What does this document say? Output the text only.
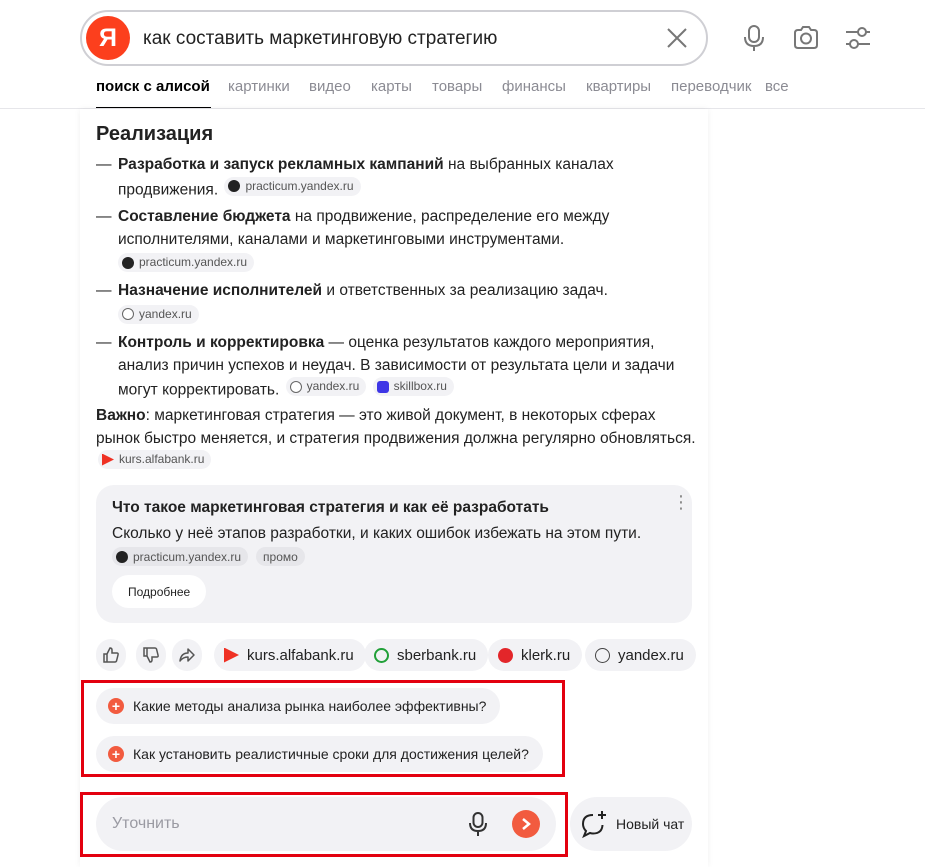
Я	как составить маркетинговую стратегию
поиск с алисой картинки видео карты товары финансы квартиры переводчик все
Реализация
— Разработка и запуск рекламных кампаний на выбранных каналах продвижения. practicum.yandex.ru
— Составление бюджета на продвижение, распределение его между исполнителями, каналами и маркетинговыми инструментами.
practicum.yandex.ru
— Назначение исполнителей и ответственных за реализацию задач.
yandex.ru
— Контроль и корректировка — оценка результатов каждого мероприятия, анализ причин успехов и неудач. В зависимости от результата цели и задачи могут корректировать. yandex.ru
	skillbox.ru
Важно: маркетинговая стратегия — это живой документ, в некоторых сферах рынок быстро меняется, и стратегия продвижения должна регулярно обновляться.
kurs.alfabank.ru
Что такое маркетинговая стратегия и как её разработать	⋮
Сколько у неё этапов разработки, и каких ошибок избежать на этом пути.
practicum.yandex.ru	промо
Подробнее
kurs.alfabank.ru	sberbank.ru	klerk.ru	yandex.ru
+ Какие методы анализа рынка наиболее эффективны?
+ Как установить реалистичные сроки для достижения целей?
Уточнить
Новый чат
